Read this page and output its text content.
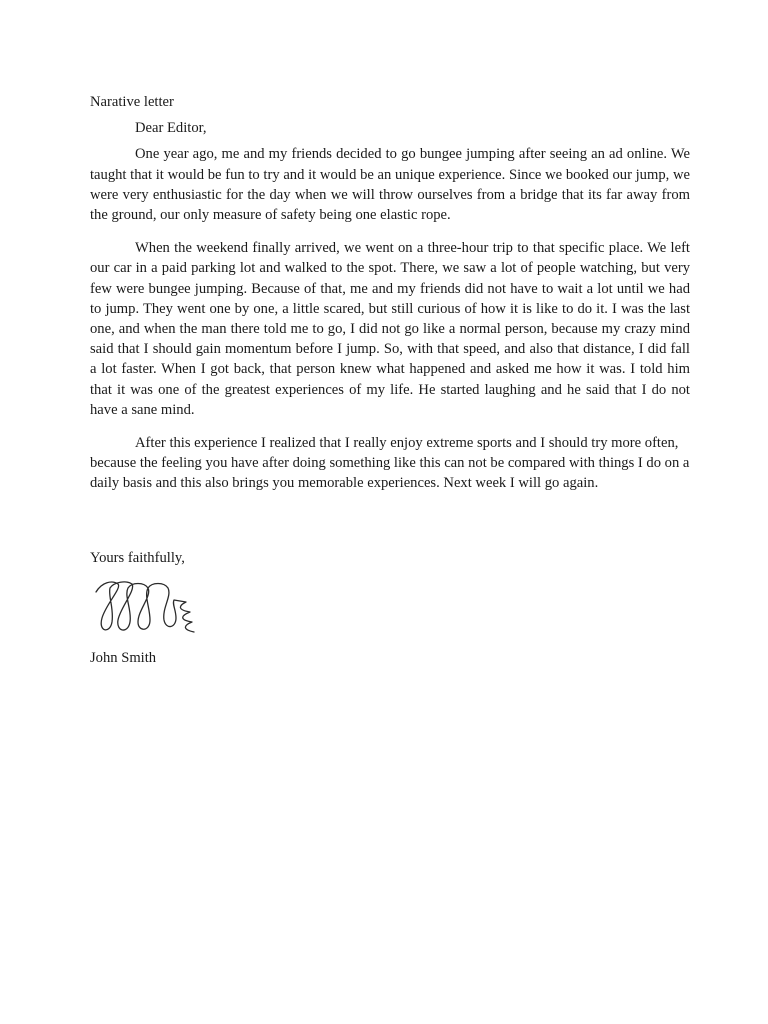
Narative letter
Dear Editor,

One year ago, me and my friends decided to go bungee jumping after seeing an ad online. We taught that it would be fun to try and it would be an unique experience. Since we booked our jump, we were very enthusiastic for the day when we will throw ourselves from a bridge that its far away from the ground, our only measure of safety being one elastic rope.

When the weekend finally arrived, we went on a three-hour trip to that specific place. We left our car in a paid parking lot and walked to the spot. There, we saw a lot of people watching, but very few were bungee jumping. Because of that, me and my friends did not have to wait a lot until we had to jump. They went one by one, a little scared, but still curious of how it is like to do it. I was the last one, and when the man there told me to go, I did not go like a normal person, because my crazy mind said that I should gain momentum before I jump. So, with that speed, and also that distance, I did fall a lot faster. When I got back, that person knew what happened and asked me how it was. I told him that it was one of the greatest experiences of my life. He started laughing and he said that I do not have a sane mind.

After this experience I realized that I really enjoy extreme sports and I should try more often, because the feeling you have after doing something like this can not be compared with things I do on a daily basis and this also brings you memorable experiences. Next week I will go again.

Yours faithfully,
John Smith
